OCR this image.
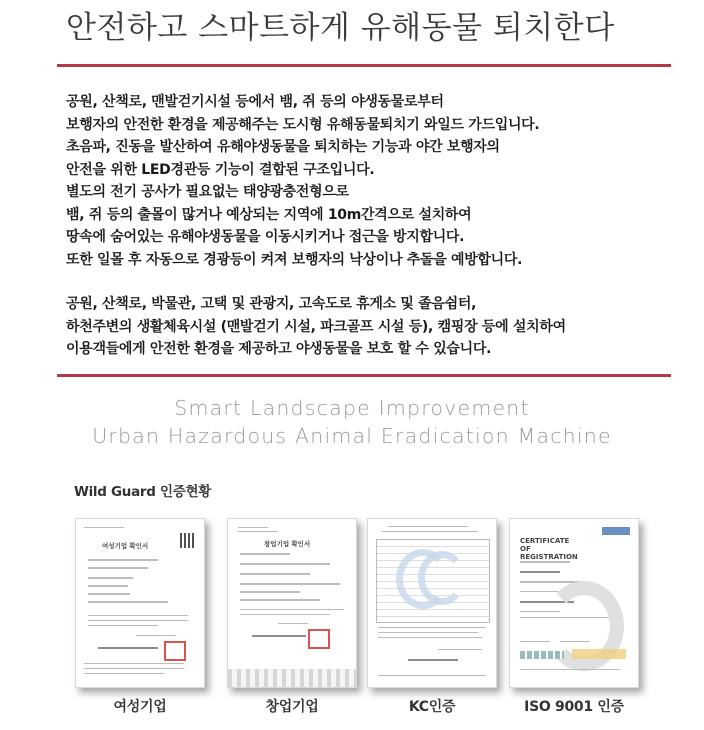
안전하고 스마트하게 유해동물 퇴치한다
공원, 산책로, 맨발걷기시설 등에서 뱀, 쥐 등의 야생동물로부터
보행자의 안전한 환경을 제공해주는 도시형 유해동물퇴치기 와일드 가드입니다.
초음파, 진동을 발산하여 유해야생동물을 퇴치하는 기능과 야간 보행자의
안전을 위한 LED경관등 기능이 결합된 구조입니다.
별도의 전기 공사가 필요없는 태양광충전형으로
뱀, 쥐 등의 출몰이 많거나 예상되는 지역에 10m간격으로 설치하여
땅속에 숨어있는 유해야생동물을 이동시키거나 접근을 방지합니다.
또한 일몰 후 자동으로 경광등이 켜져 보행자의 낙상이나 추돌을 예방합니다.
공원, 산책로, 박물관, 고택 및 관광지, 고속도로 휴게소 및 졸음쉼터,
하천주변의 생활체육시설 (맨발걷기 시설, 파크골프 시설 등), 캠핑장 등에 설치하여
이용객들에게 안전한 환경을 제공하고 야생동물을 보호 할 수 있습니다.
Smart Landscape Improvement
Urban Hazardous Animal Eradication Machine
Wild Guard 인증현황
여성기업 확인서
여성기업
창업기업 확인서
창업기업	KC인증
CERTIFICATE OF REGISTRATION
ISO 9001 인증
